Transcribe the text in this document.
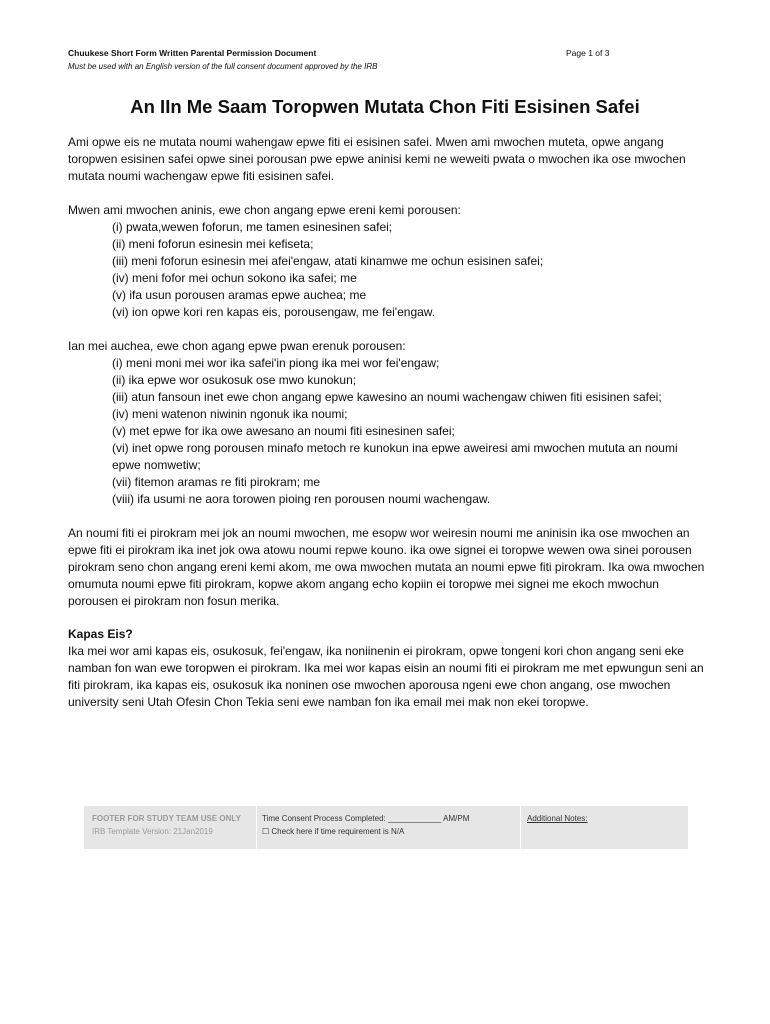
Chuukese Short Form Written Parental Permission Document	Page 1 of 3
Must be used with an English version of the full consent document approved by the IRB
An IIn Me Saam Toropwen Mutata Chon Fiti Esisinen Safei

Ami opwe eis ne mutata noumi wahengaw epwe fiti ei esisinen safei. Mwen ami mwochen muteta, opwe angang toropwen esisinen safei opwe sinei porousan pwe epwe aninisi kemi ne weweiti pwata o mwochen ika ose mwochen mutata noumi wachengaw epwe fiti esisinen safei.

Mwen ami mwochen aninis, ewe chon angang epwe ereni kemi porousen:

(i) pwata,wewen foforun, me tamen esinesinen safei;
(ii) meni foforun esinesin mei kefiseta;
(iii) meni foforun esinesin mei afei'engaw, atati kinamwe me ochun esisinen safei;
(iv) meni fofor mei ochun sokono ika safei; me
(v) ifa usun porousen aramas epwe auchea; me
(vi) ion opwe kori ren kapas eis, porousengaw, me fei'engaw.

Ian mei auchea, ewe chon agang epwe pwan erenuk porousen:

(i) meni moni mei wor ika safei'in piong ika mei wor fei'engaw;
(ii) ika epwe wor osukosuk ose mwo kunokun;
(iii) atun fansoun inet ewe chon angang epwe kawesino an noumi wachengaw chiwen fiti esisinen safei;
(iv) meni watenon niwinin ngonuk ika noumi;
(v) met epwe for ika owe awesano an noumi fiti esinesinen safei;
(vi) inet opwe rong porousen minafo metoch re kunokun ina epwe aweiresi ami mwochen mututa an noumi epwe nomwetiw;
(vii) fitemon aramas re fiti pirokram; me
(viii) ifa usumi ne aora torowen pioing ren porousen noumi wachengaw.

An noumi fiti ei pirokram mei jok an noumi mwochen, me esopw wor weiresin noumi me aninisin ika ose mwochen an epwe fiti ei pirokram ika inet jok owa atowu noumi repwe kouno. ika owe signei ei toropwe wewen owa sinei porousen pirokram seno chon angang ereni kemi akom, me owa mwochen mutata an noumi epwe fiti pirokram. Ika owa mwochen omumuta noumi epwe fiti pirokram, kopwe akom angang echo kopiin ei toropwe mei signei me ekoch mwochun porousen ei pirokram non fosun merika.

Kapas Eis?

Ika mei wor ami kapas eis, osukosuk, fei'engaw, ika noniinenin ei pirokram, opwe tongeni kori chon angang seni eke namban fon wan ewe toropwen ei pirokram. Ika mei wor kapas eisin an noumi fiti ei pirokram me met epwungun seni an fiti pirokram, ika kapas eis, osukosuk ika noninen ose mwochen aporousa ngeni ewe chon angang, ose mwochen university seni Utah Ofesin Chon Tekia seni ewe namban fon ika email mei mak non ekei toropwe.

FOOTER FOR STUDY TEAM USE ONLY
IRB Template Version: 21Jan2019
Time Consent Process Completed: ____________ AM/PM
☐ Check here if time requirement is N/A
Additional Notes:
